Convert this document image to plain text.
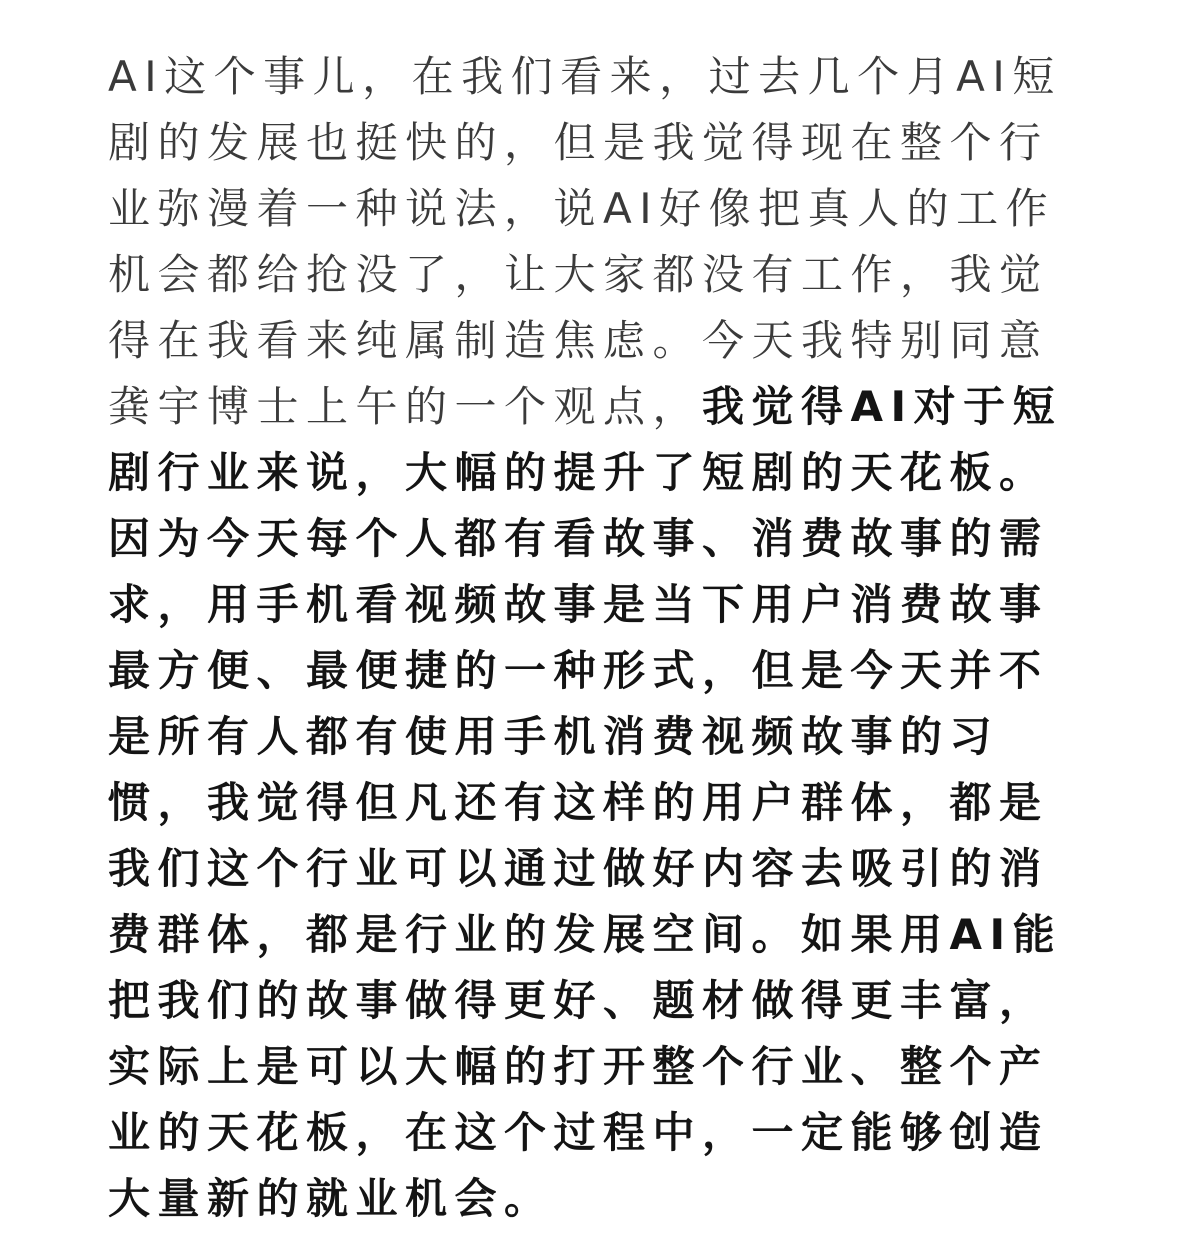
AI这个事儿，在我们看来，过去几个月AI短
剧的发展也挺快的，但是我觉得现在整个行
业弥漫着一种说法，说AI好像把真人的工作
机会都给抢没了，让大家都没有工作，我觉
得在我看来纯属制造焦虑。今天我特别同意
龚宇博士上午的一个观点，我觉得AI对于短
剧行业来说，大幅的提升了短剧的天花板。
因为今天每个人都有看故事、消费故事的需
求，用手机看视频故事是当下用户消费故事
最方便、最便捷的一种形式，但是今天并不
是所有人都有使用手机消费视频故事的习
惯，我觉得但凡还有这样的用户群体，都是
我们这个行业可以通过做好内容去吸引的消
费群体，都是行业的发展空间。如果用AI能
把我们的故事做得更好、题材做得更丰富，
实际上是可以大幅的打开整个行业、整个产
业的天花板，在这个过程中，一定能够创造
大量新的就业机会。
